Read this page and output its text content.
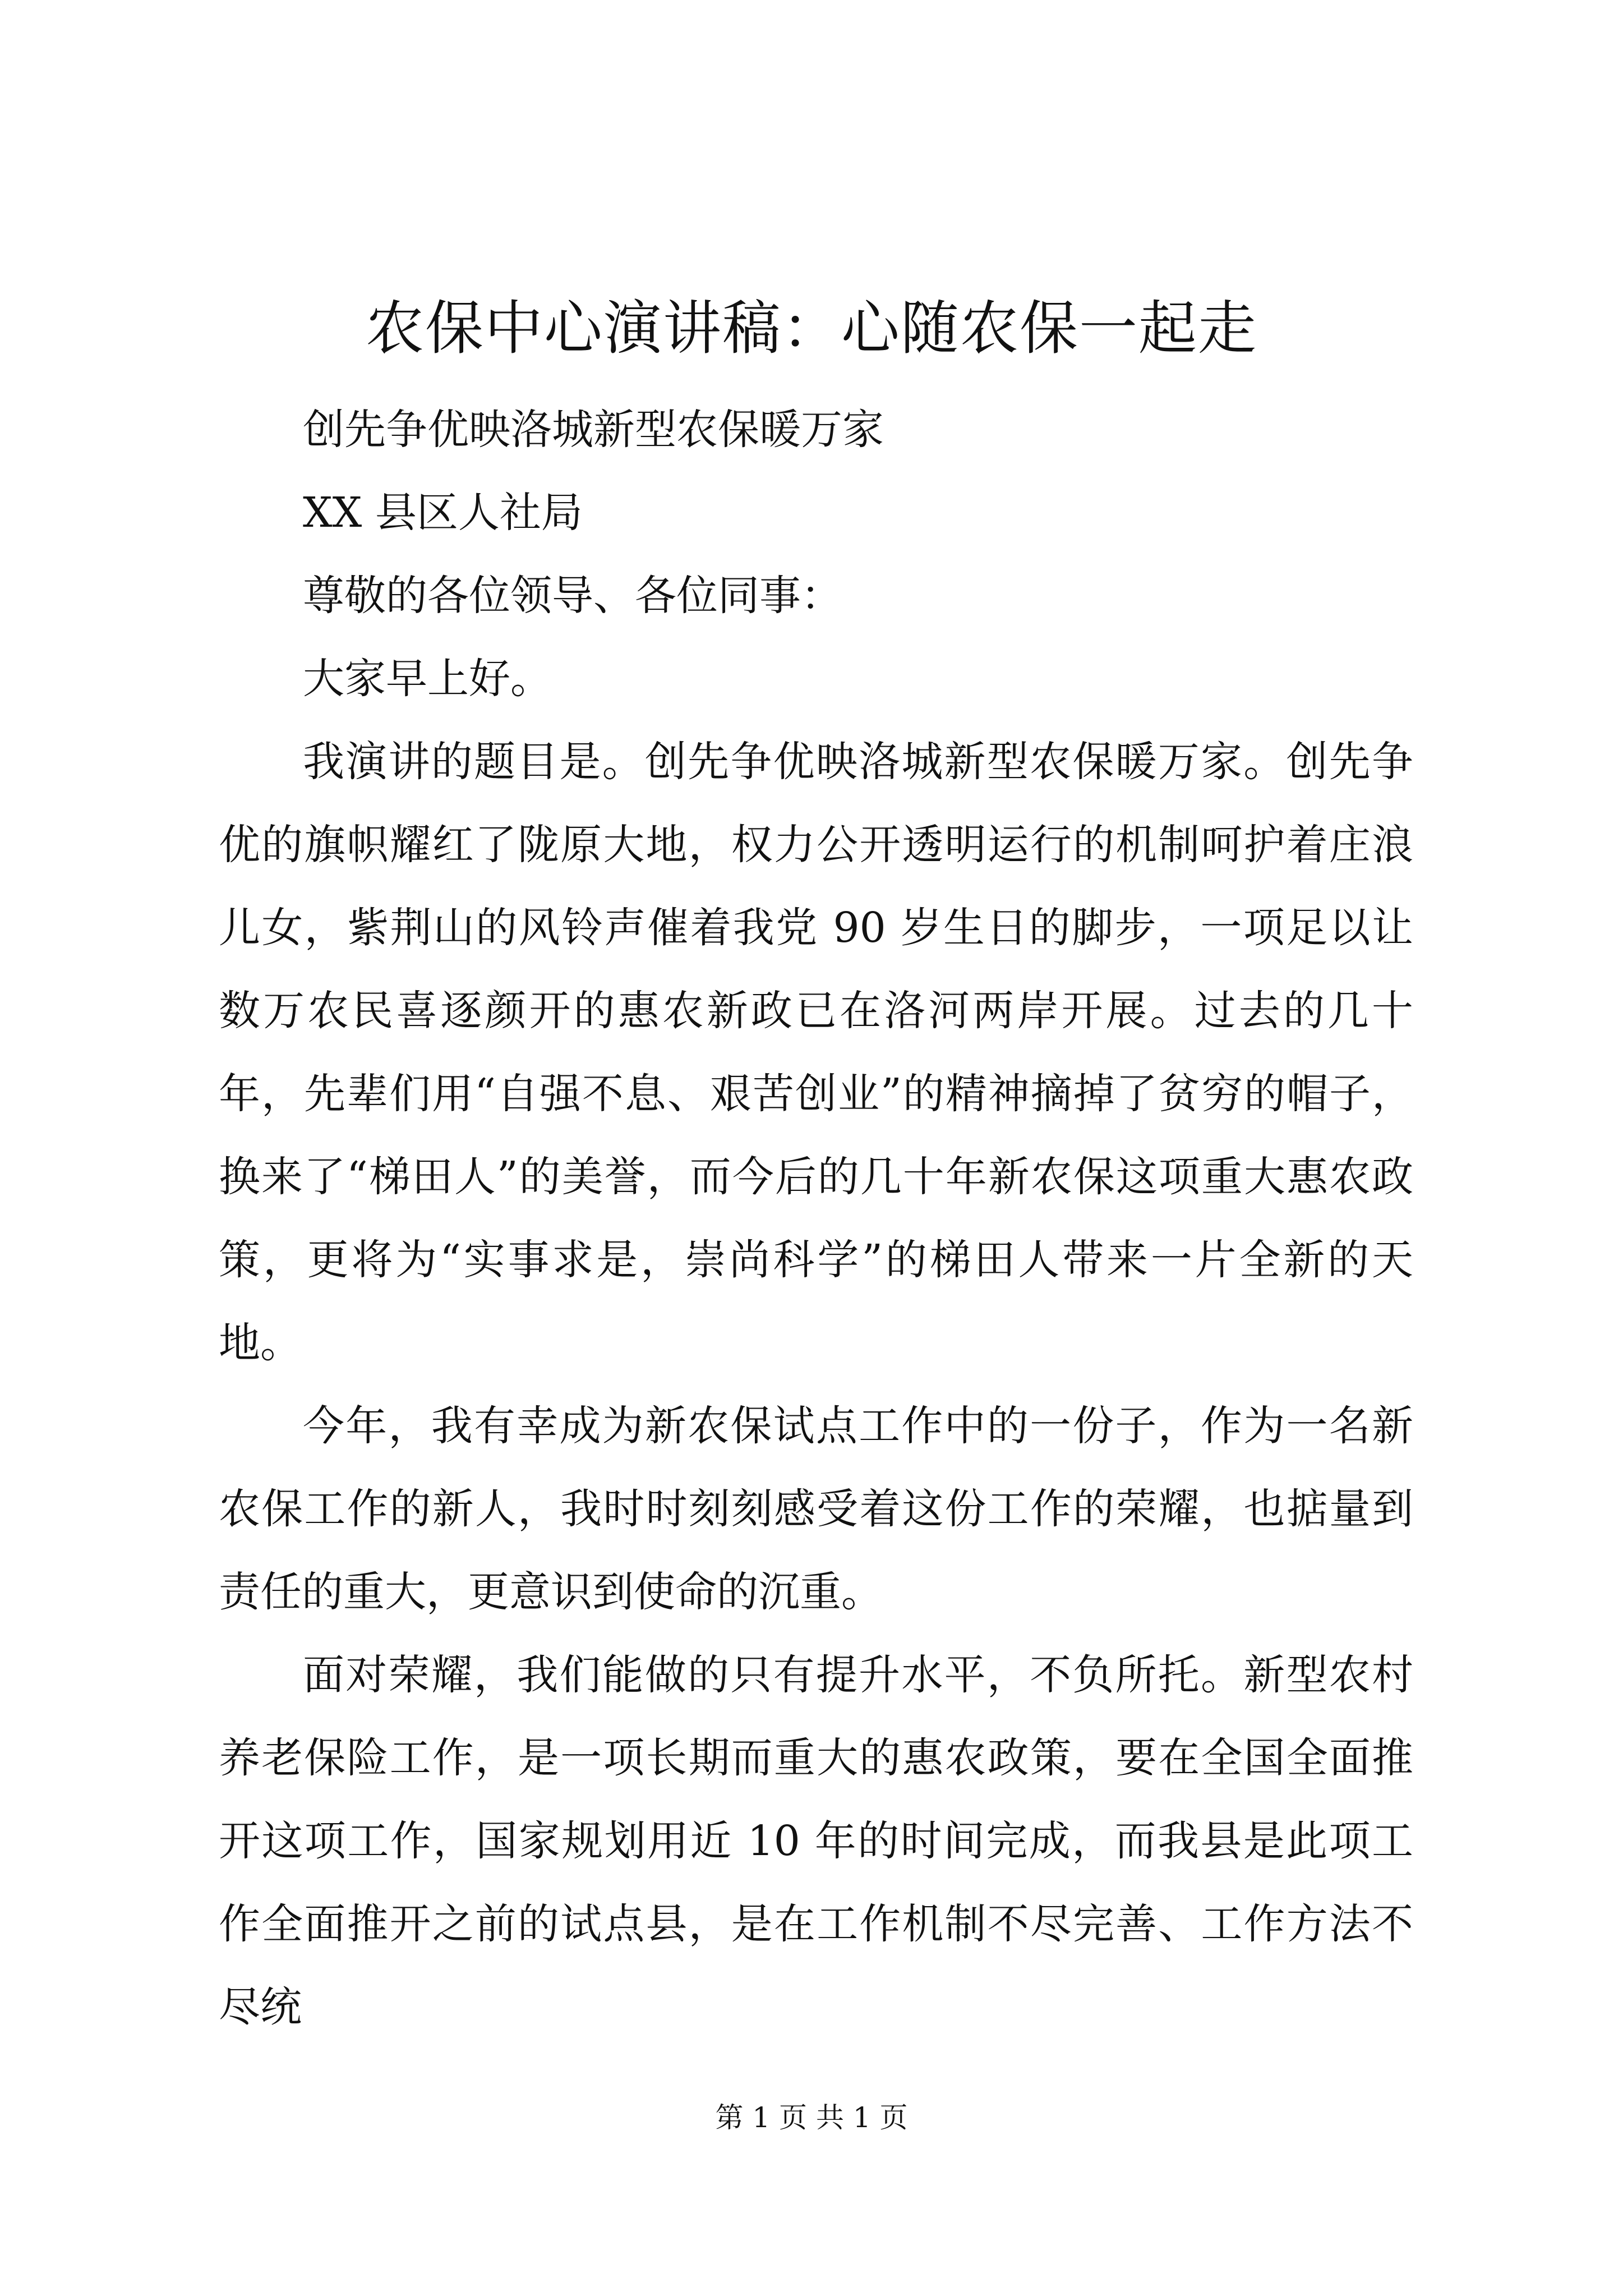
农保中心演讲稿：心随农保一起走

创先争优映洛城新型农保暖万家

XX 县区人社局

尊敬的各位领导、各位同事：

大家早上好。

我演讲的题目是。创先争优映洛城新型农保暖万家。创先争优的旗帜耀红了陇原大地，权力公开透明运行的机制呵护着庄浪儿女，紫荆山的风铃声催着我党 90 岁生日的脚步，一项足以让数万农民喜逐颜开的惠农新政已在洛河两岸开展。过去的几十年，先辈们用“自强不息、艰苦创业”的精神摘掉了贫穷的帽子，换来了“梯田人”的美誉，而今后的几十年新农保这项重大惠农政策，更将为“实事求是，崇尚科学”的梯田人带来一片全新的天地。

今年，我有幸成为新农保试点工作中的一份子，作为一名新农保工作的新人，我时时刻刻感受着这份工作的荣耀，也掂量到责任的重大，更意识到使命的沉重。

面对荣耀，我们能做的只有提升水平，不负所托。新型农村养老保险工作，是一项长期而重大的惠农政策，要在全国全面推开这项工作，国家规划用近 10 年的时间完成，而我县是此项工作全面推开之前的试点县，是在工作机制不尽完善、工作方法不尽统

第 1 页 共 1 页
